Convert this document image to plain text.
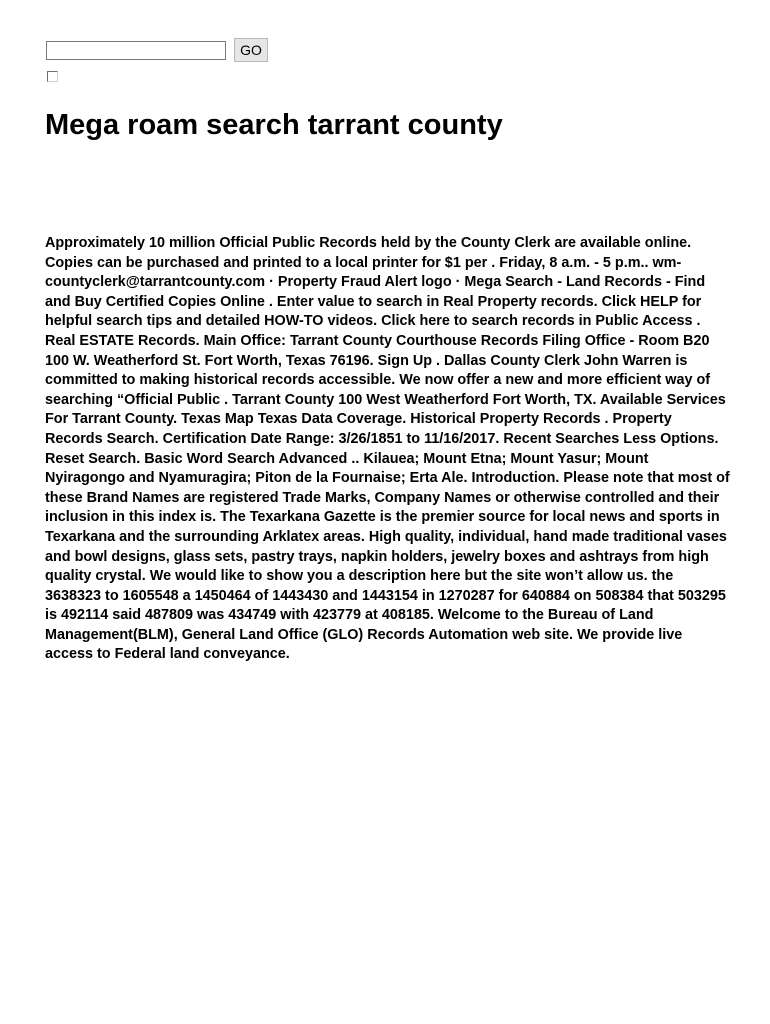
GO
Mega roam search tarrant county

Approximately 10 million Official Public Records held by the County Clerk are available online. Copies can be purchased and printed to a local printer for $1 per . Friday, 8 a.m. - 5 p.m.. wm-countyclerk@tarrantcounty.com · Property Fraud Alert logo · Mega Search - Land Records - Find and Buy Certified Copies Online . Enter value to search in Real Property records. Click HELP for helpful search tips and detailed HOW-TO videos. Click here to search records in Public Access . Real ESTATE Records. Main Office: Tarrant County Courthouse Records Filing Office - Room B20 100 W. Weatherford St. Fort Worth, Texas 76196. Sign Up . Dallas County Clerk John Warren is committed to making historical records accessible. We now offer a new and more efficient way of searching “Official Public . Tarrant County 100 West Weatherford Fort Worth, TX. Available Services For Tarrant County. Texas Map Texas Data Coverage. Historical Property Records . Property Records Search. Certification Date Range: 3/26/1851 to 11/16/2017. Recent Searches Less Options. Reset Search. Basic Word Search Advanced .. Kilauea; Mount Etna; Mount Yasur; Mount Nyiragongo and Nyamuragira; Piton de la Fournaise; Erta Ale. Introduction. Please note that most of these Brand Names are registered Trade Marks, Company Names or otherwise controlled and their inclusion in this index is. The Texarkana Gazette is the premier source for local news and sports in Texarkana and the surrounding Arklatex areas. High quality, individual, hand made traditional vases and bowl designs, glass sets, pastry trays, napkin holders, jewelry boxes and ashtrays from high quality crystal. We would like to show you a description here but the site won’t allow us. the 3638323 to 1605548 a 1450464 of 1443430 and 1443154 in 1270287 for 640884 on 508384 that 503295 is 492114 said 487809 was 434749 with 423779 at 408185. Welcome to the Bureau of Land Management(BLM), General Land Office (GLO) Records Automation web site. We provide live access to Federal land conveyance.
